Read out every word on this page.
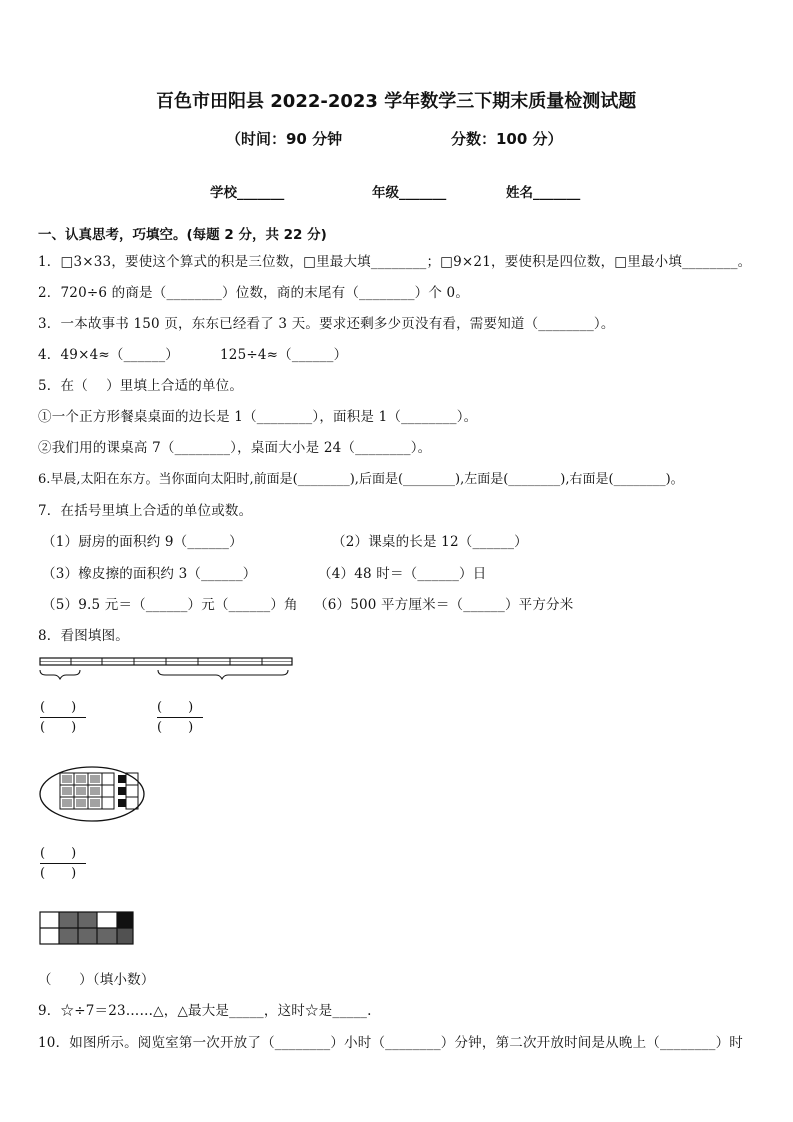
百色市田阳县 2022-2023 学年数学三下期末质量检测试题
（时间：90 分钟	分数：100 分）
学校_______	年级_______	姓名_______
一、认真思考，巧填空。(每题 2 分，共 22 分)
1．□3×33，要使这个算式的积是三位数，□里最大填________；□9×21，要使积是四位数，□里最小填________。
2．720÷6 的商是（________）位数，商的末尾有（________）个 0。
3．一本故事书 150 页，东东已经看了 3 天。要求还剩多少页没有看，需要知道（________）。
4．49×4≈（______）	125÷4≈（______）
5．在（　 ）里填上合适的单位。
①一个正方形餐桌桌面的边长是 1（________），面积是 1（________）。
②我们用的课桌高 7（________），桌面大小是 24（________）。
6.早晨,太阳在东方。当你面向太阳时,前面是(________),后面是(________),左面是(________),右面是(________)。
7．在括号里填上合适的单位或数。
（1）厨房的面积约 9（______）	（2）课桌的长是 12（______）
（3）橡皮擦的面积约 3（______）	（4）48 时＝（______）日
（5）9.5 元＝（______）元（______）角 （6）500 平方厘米＝（______）平方分米
8．看图填图。
(　　)
(　　)
(　　)
(　　)
(　　)
(　　)
（　　）（填小数）
9．☆÷7＝23……△，△最大是_____，这时☆是_____.
10．如图所示。阅览室第一次开放了（________）小时（________）分钟，第二次开放时间是从晚上（________）时
